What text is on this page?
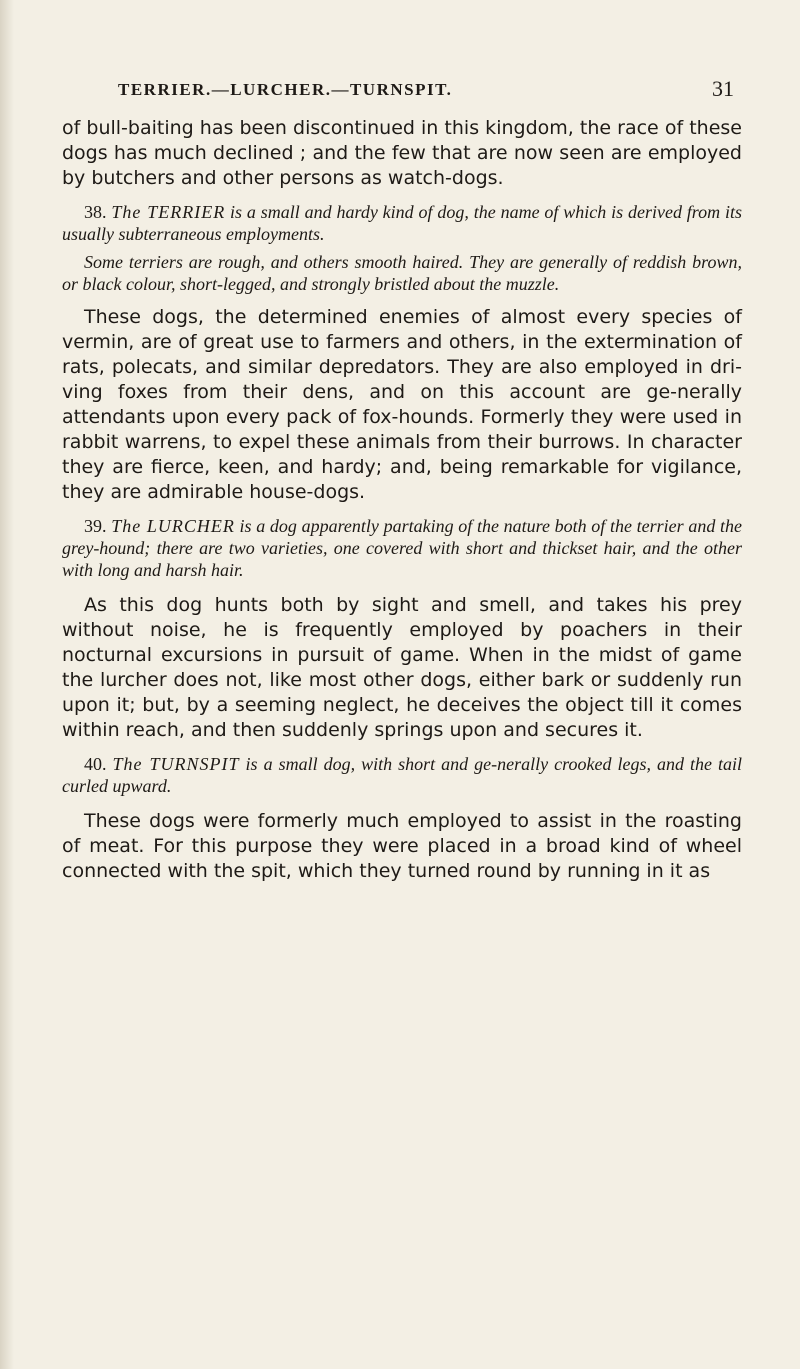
TERRIER.—LURCHER.—TURNSPIT.	31

of bull-baiting has been discontinued in this kingdom, the race of these dogs has much declined ; and the few that are now seen are employed by butchers and other persons as watch-dogs.

38. The TERRIER is a small and hardy kind of dog, the name of which is derived from its usually subterraneous employments.

Some terriers are rough, and others smooth haired. They are generally of reddish brown, or black colour, short-legged, and strongly bristled about the muzzle.

These dogs, the determined enemies of almost every species of vermin, are of great use to farmers and others, in the extermination of rats, polecats, and similar depredators. They are also employed in dri-ving foxes from their dens, and on this account are ge-nerally attendants upon every pack of fox-hounds. Formerly they were used in rabbit warrens, to expel these animals from their burrows. In character they are fierce, keen, and hardy; and, being remarkable for vigilance, they are admirable house-dogs.

39. The LURCHER is a dog apparently partaking of the nature both of the terrier and the grey-hound; there are two varieties, one covered with short and thickset hair, and the other with long and harsh hair.

As this dog hunts both by sight and smell, and takes his prey without noise, he is frequently employed by poachers in their nocturnal excursions in pursuit of game. When in the midst of game the lurcher does not, like most other dogs, either bark or suddenly run upon it; but, by a seeming neglect, he deceives the object till it comes within reach, and then suddenly springs upon and secures it.

40. The TURNSPIT is a small dog, with short and ge-nerally crooked legs, and the tail curled upward.

These dogs were formerly much employed to assist in the roasting of meat. For this purpose they were placed in a broad kind of wheel connected with the spit, which they turned round by running in it as
